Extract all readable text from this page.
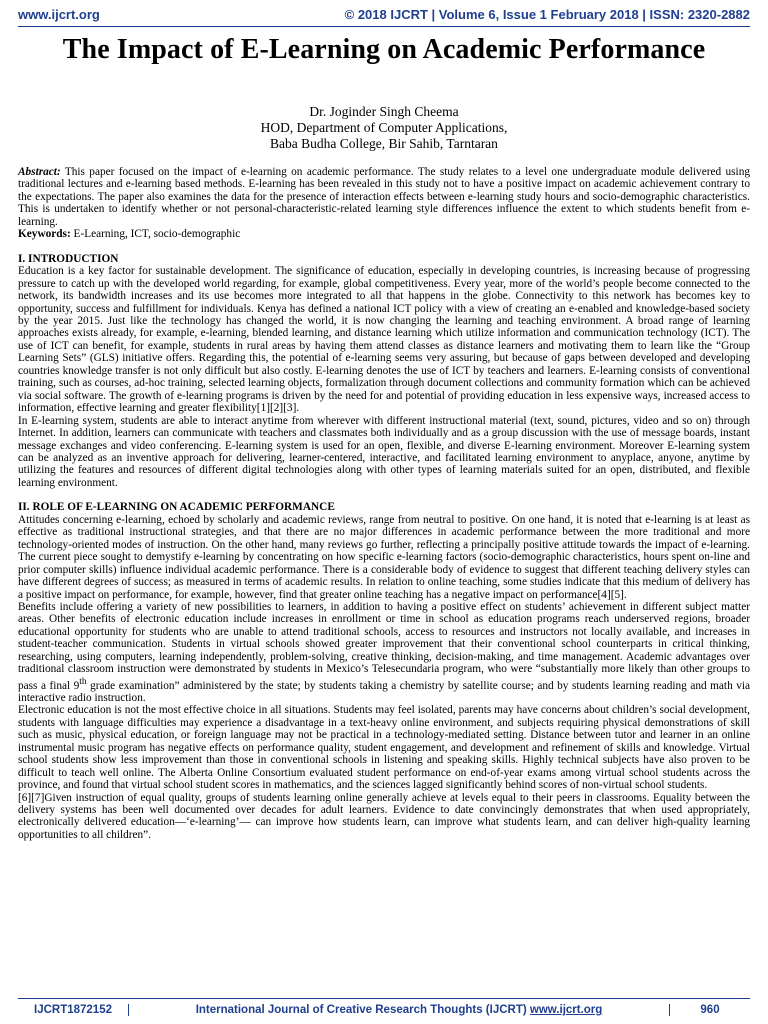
www.ijcrt.org	© 2018 IJCRT | Volume 6, Issue 1 February 2018 | ISSN: 2320-2882
The Impact of E-Learning on Academic Performance
Dr. Joginder Singh Cheema
HOD, Department of Computer Applications,
Baba Budha College, Bir Sahib, Tarntaran

Abstract: This paper focused on the impact of e-learning on academic performance. The study relates to a level one undergraduate module delivered using traditional lectures and e-learning based methods. E-learning has been revealed in this study not to have a positive impact on academic achievement contrary to the expectations. The paper also examines the data for the presence of interaction effects between e-learning study hours and socio-demographic characteristics. This is undertaken to identify whether or not personal-characteristic-related learning style differences influence the extent to which students benefit from e-learning.

Keywords: E-Learning, ICT, socio-demographic

I. INTRODUCTION

Education is a key factor for sustainable development. The significance of education, especially in developing countries, is increasing because of progressing pressure to catch up with the developed world regarding, for example, global competitiveness. Every year, more of the world’s people become connected to the network, its bandwidth increases and its use becomes more integrated to all that happens in the globe. Connectivity to this network has becomes key to opportunity, success and fulfillment for individuals. Kenya has defined a national ICT policy with a view of creating an e-enabled and knowledge-based society by the year 2015. Just like the technology has changed the world, it is now changing the learning and teaching environment. A broad range of learning approaches exists already, for example, e-learning, blended learning, and distance learning which utilize information and communication technology (ICT). The use of ICT can benefit, for example, students in rural areas by having them attend classes as distance learners and motivating them to learn like the “Group Learning Sets” (GLS) initiative offers. Regarding this, the potential of e-learning seems very assuring, but because of gaps between developed and developing countries knowledge transfer is not only difficult but also costly. E-learning denotes the use of ICT by teachers and learners. E-learning consists of conventional training, such as courses, ad-hoc training, selected learning objects, formalization through document collections and community formation which can be achieved via social software. The growth of e-learning programs is driven by the need for and potential of providing education in less expensive ways, increased access to information, effective learning and greater flexibility[1][2][3].

In E-learning system, students are able to interact anytime from wherever with different instructional material (text, sound, pictures, video and so on) through Internet. In addition, learners can communicate with teachers and classmates both individually and as a group discussion with the use of message boards, instant message exchanges and video conferencing. E-learning system is used for an open, flexible, and diverse E-learning environment. Moreover E-learning system can be analyzed as an inventive approach for delivering, learner-centered, interactive, and facilitated learning environment to anyplace, anyone, anytime by utilizing the features and resources of different digital technologies along with other types of learning materials suited for an open, distributed, and flexible learning environment.

II. ROLE OF E-LEARNING ON ACADEMIC PERFORMANCE

Attitudes concerning e-learning, echoed by scholarly and academic reviews, range from neutral to positive. On one hand, it is noted that e-learning is at least as effective as traditional instructional strategies, and that there are no major differences in academic performance between the more traditional and more technology-oriented modes of instruction. On the other hand, many reviews go further, reflecting a principally positive attitude towards the impact of e-learning. The current piece sought to demystify e-learning by concentrating on how specific e-learning factors (socio-demographic characteristics, hours spent on-line and prior computer skills) influence individual academic performance. There is a considerable body of evidence to suggest that different teaching delivery styles can have different degrees of success; as measured in terms of academic results. In relation to online teaching, some studies indicate that this medium of delivery has a positive impact on performance, for example, however, find that greater online teaching has a negative impact on performance[4][5].

Benefits include offering a variety of new possibilities to learners, in addition to having a positive effect on students’ achievement in different subject matter areas. Other benefits of electronic education include increases in enrollment or time in school as education programs reach underserved regions, broader educational opportunity for students who are unable to attend traditional schools, access to resources and instructors not locally available, and increases in student-teacher communication. Students in virtual schools showed greater improvement that their conventional school counterparts in critical thinking, researching, using computers, learning independently, problem-solving, creative thinking, decision-making, and time management. Academic advantages over traditional classroom instruction were demonstrated by students in Mexico’s Telesecundaria program, who were “substantially more likely than other groups to pass a final 9th grade examination” administered by the state; by students taking a chemistry by satellite course; and by students learning reading and math via interactive radio instruction.

Electronic education is not the most effective choice in all situations. Students may feel isolated, parents may have concerns about children’s social development, students with language difficulties may experience a disadvantage in a text-heavy online environment, and subjects requiring physical demonstrations of skill such as music, physical education, or foreign language may not be practical in a technology-mediated setting. Distance between tutor and learner in an online instrumental music program has negative effects on performance quality, student engagement, and development and refinement of skills and knowledge. Virtual school students show less improvement than those in conventional schools in listening and speaking skills. Highly technical subjects have also proven to be difficult to teach well online. The Alberta Online Consortium evaluated student performance on end-of-year exams among virtual school students across the province, and found that virtual school student scores in mathematics, and the sciences lagged significantly behind scores of non-virtual school students.

[6][7]Given instruction of equal quality, groups of students learning online generally achieve at levels equal to their peers in classrooms. Equality between the delivery systems has been well documented over decades for adult learners. Evidence to date convincingly demonstrates that when used appropriately, electronically delivered education—‘e-learning’— can improve how students learn, can improve what students learn, and can deliver high-quality learning opportunities to all children”.

IJCRT1872152	International Journal of Creative Research Thoughts (IJCRT) www.ijcrt.org	960
